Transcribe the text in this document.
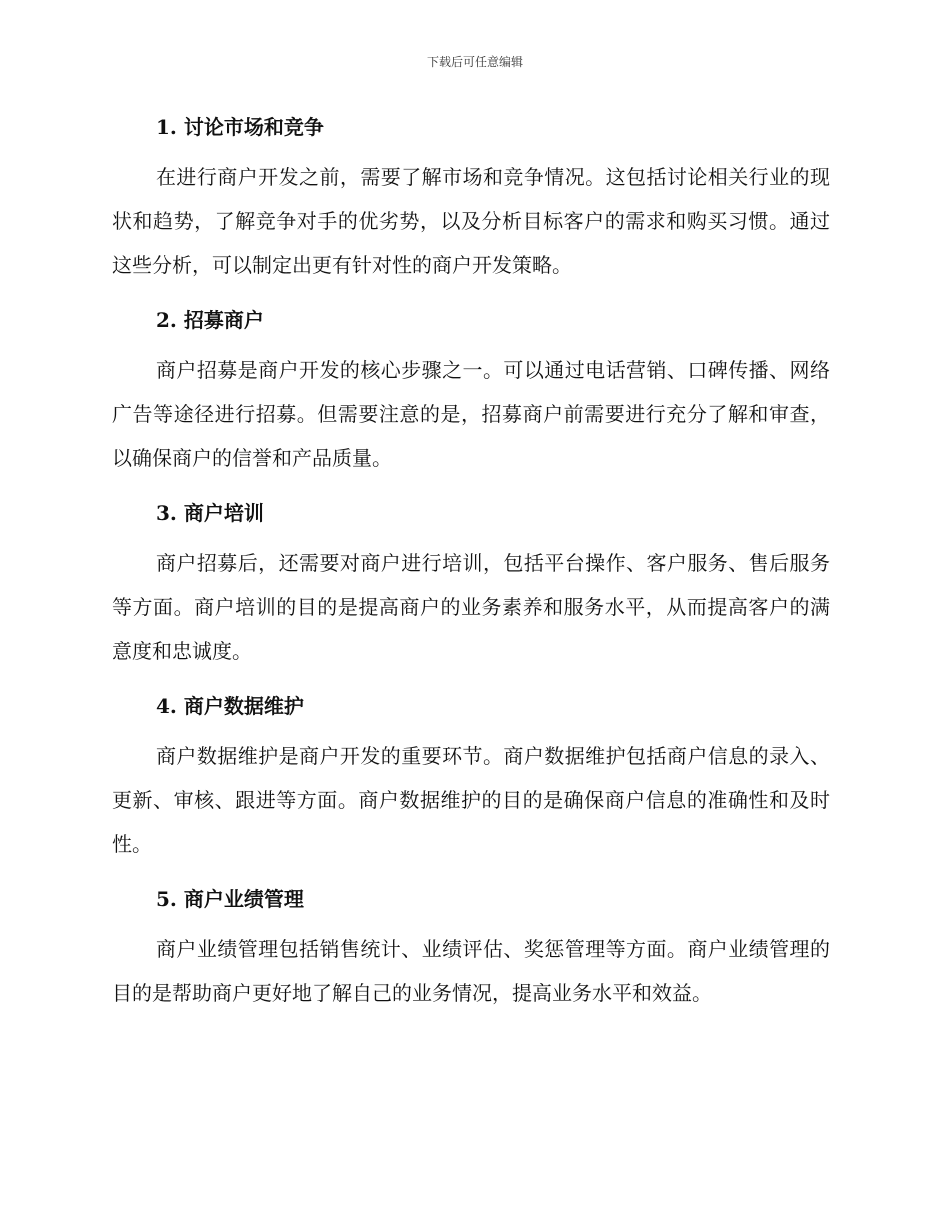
下载后可任意编辑
1. 讨论市场和竞争

在进行商户开发之前，需要了解市场和竞争情况。这包括讨论相关行业的现状和趋势，了解竞争对手的优劣势，以及分析目标客户的需求和购买习惯。通过这些分析，可以制定出更有针对性的商户开发策略。

2. 招募商户

商户招募是商户开发的核心步骤之一。可以通过电话营销、口碑传播、网络广告等途径进行招募。但需要注意的是，招募商户前需要进行充分了解和审查，以确保商户的信誉和产品质量。

3. 商户培训

商户招募后，还需要对商户进行培训，包括平台操作、客户服务、售后服务等方面。商户培训的目的是提高商户的业务素养和服务水平，从而提高客户的满意度和忠诚度。

4. 商户数据维护

商户数据维护是商户开发的重要环节。商户数据维护包括商户信息的录入、更新、审核、跟进等方面。商户数据维护的目的是确保商户信息的准确性和及时性。

5. 商户业绩管理

商户业绩管理包括销售统计、业绩评估、奖惩管理等方面。商户业绩管理的目的是帮助商户更好地了解自己的业务情况，提高业务水平和效益。
